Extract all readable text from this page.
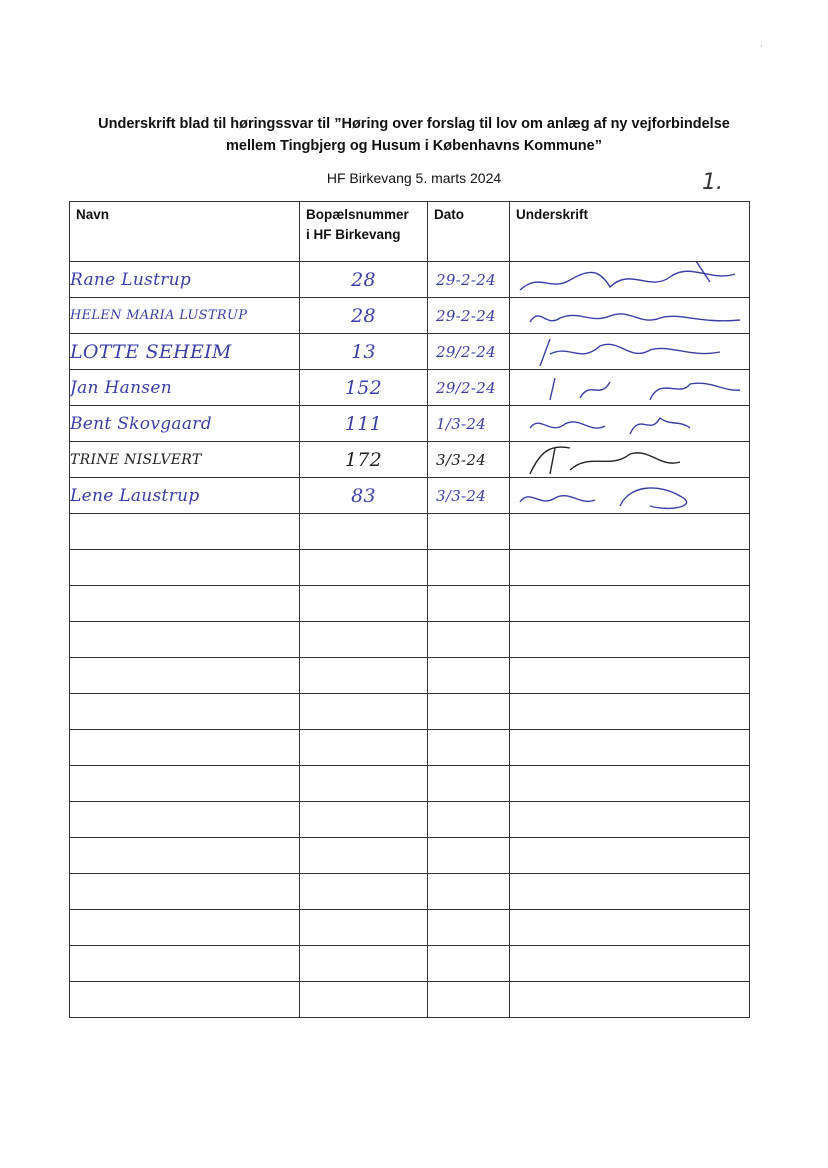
ʾ
Underskrift blad til høringssvar til ”Høring over forslag til lov om anlæg af ny vejforbindelse
mellem Tingbjerg og Husum i Københavns Kommune”
HF Birkevang 5. marts 2024	1.
Navn	Bopælsnummer
i HF Birkevang	Dato	Underskrift
Rane Lustrup	28	29-2-24	

HELEN MARIA LUSTRUP	28	29-2-24	

LOTTE SEHEIM	13	29/2-24	

Jan Hansen	152	29/2-24	

Bent Skovgaard	111	1/3-24	

TRINE NISLVERT	172	3/3-24	

Lene Laustrup	83	3/3-24	
